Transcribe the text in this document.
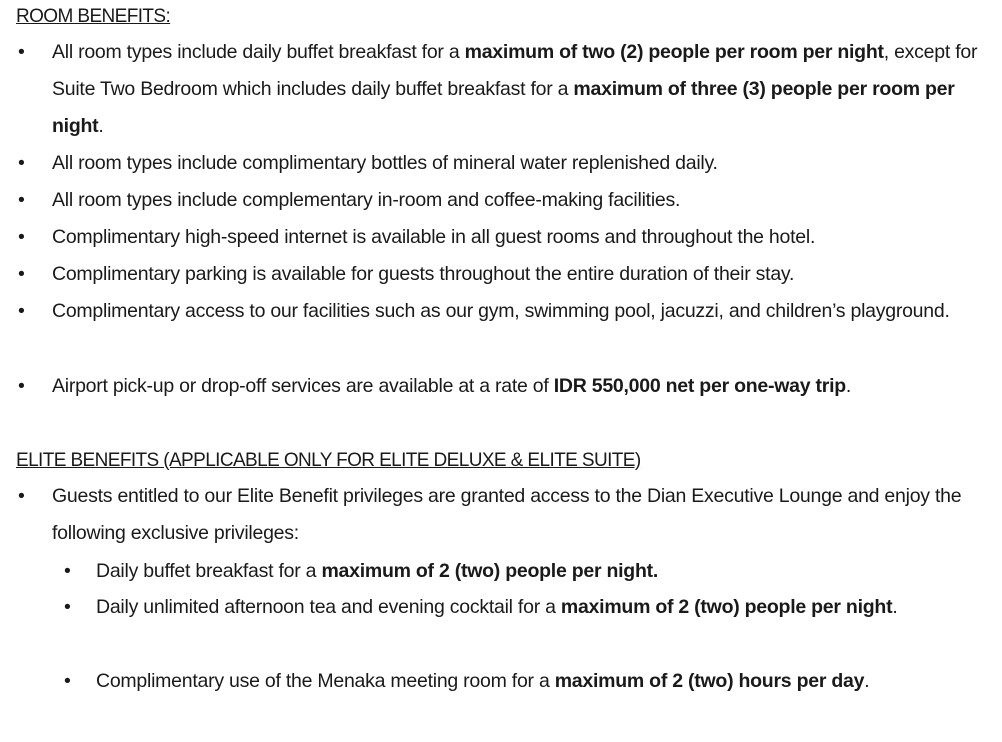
ROOM BENEFITS:
• All room types include daily buffet breakfast for a maximum of two (2) people per room per night, except for Suite Two Bedroom which includes daily buffet breakfast for a maximum of three (3) people per room per night.
• All room types include complimentary bottles of mineral water replenished daily.
• All room types include complementary in-room and coffee-making facilities.
• Complimentary high-speed internet is available in all guest rooms and throughout the hotel.
• Complimentary parking is available for guests throughout the entire duration of their stay.
• Complimentary access to our facilities such as our gym, swimming pool, jacuzzi, and children’s playground.
• Airport pick-up or drop-off services are available at a rate of IDR 550,000 net per one-way trip.
ELITE BENEFITS (APPLICABLE ONLY FOR ELITE DELUXE & ELITE SUITE)
• Guests entitled to our Elite Benefit privileges are granted access to the Dian Executive Lounge and enjoy the following exclusive privileges:
• Daily buffet breakfast for a maximum of 2 (two) people per night.
• Daily unlimited afternoon tea and evening cocktail for a maximum of 2 (two) people per night.
• Complimentary use of the Menaka meeting room for a maximum of 2 (two) hours per day.
